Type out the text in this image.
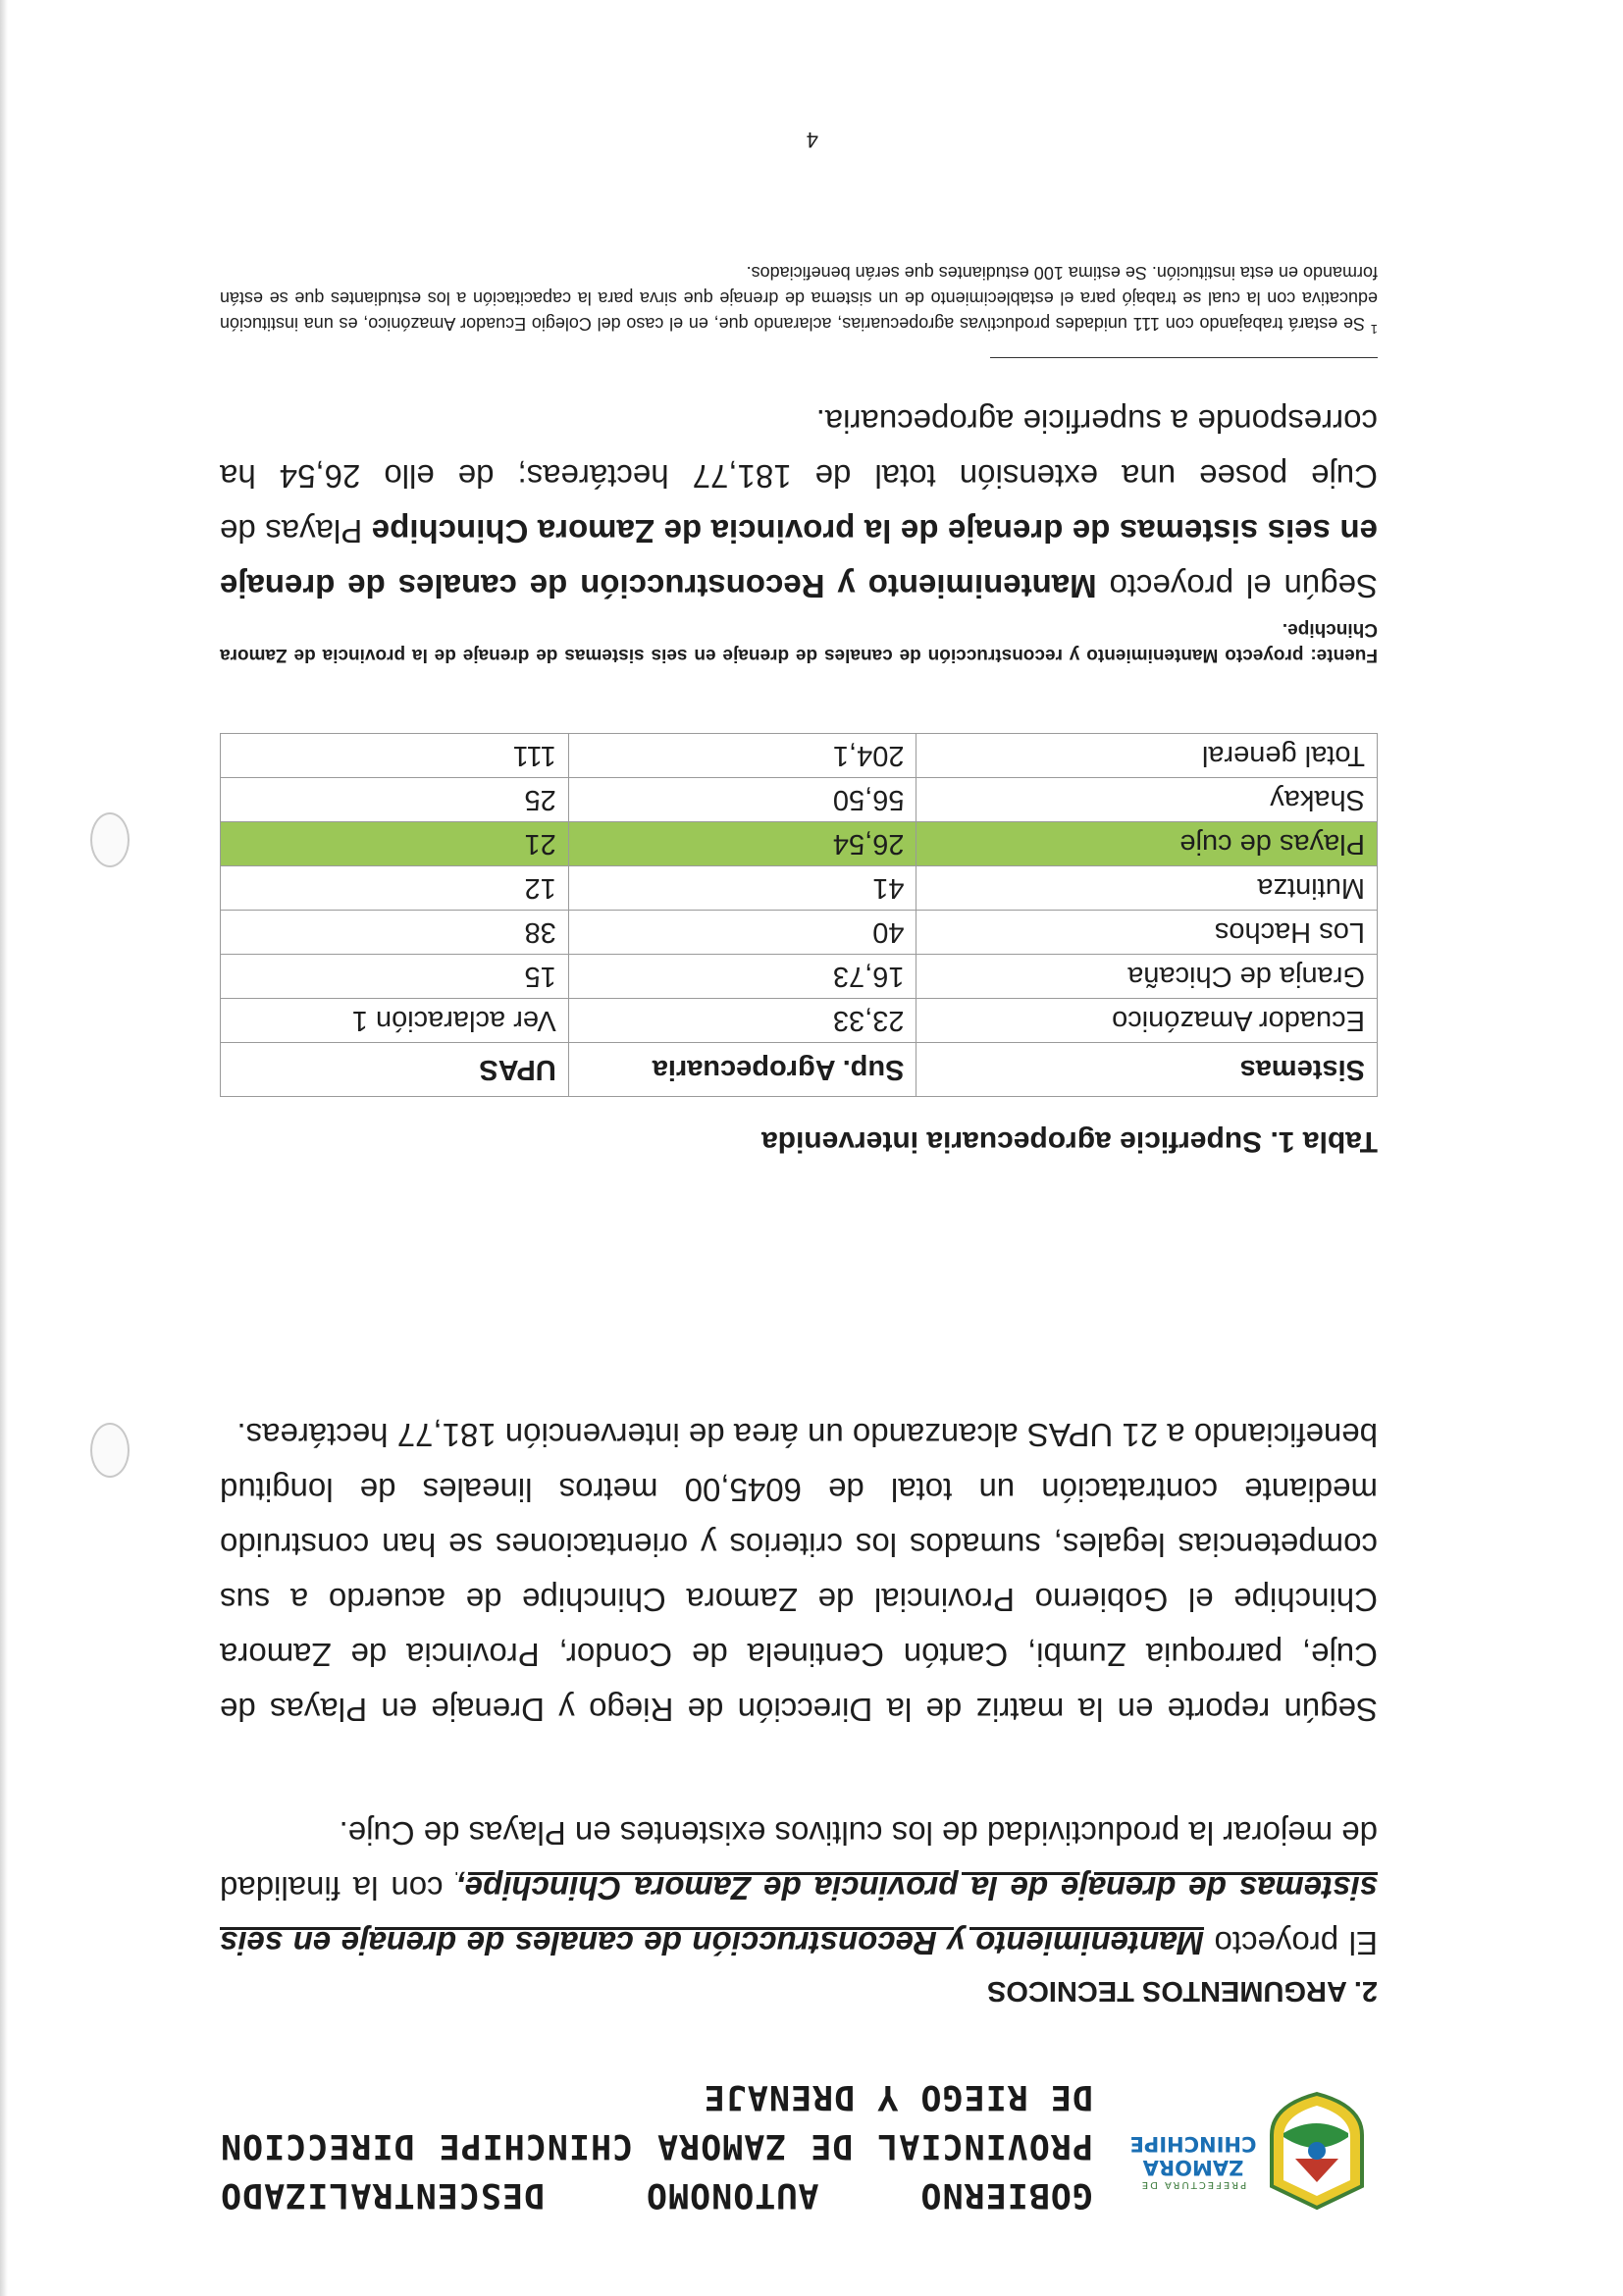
PREFECTURA DE
ZAMORA
CHINCHIPE
GOBIERNO AUTONOMO DESCENTRALIZADO PROVINCIAL DE ZAMORA CHINCHIPE DIRECCION DE RIEGO Y DRENAJE
2. ARGUMENTOS TECNICOS

El proyecto Mantenimiento y Reconstrucción de canales de drenaje en seis sistemas de drenaje de la provincia de Zamora Chinchipe, con la finalidad de mejorar la productividad de los cultivos existentes en Playas de Cuje.

Según reporte en la matriz de la Dirección de Riego y Drenaje en Playas de Cuje, parroquia Zumbi, Cantón Centinela de Condor, Provincia de Zamora Chinchipe el Gobierno Provincial de Zamora Chinchipe de acuerdo a sus competencias legales, sumados los criterios y orientaciones se han construido mediante contratación un total de 6045,00 metros lineales de longitud beneficiando a 21 UPAS alcanzando un área de intervención 181,77 hectáreas.

Tabla 1. Superficie agropecuaria intervenida
Sistemas	Sup. Agropecuaria	UPAS
Ecuador Amazónico	23,33	Ver aclaración 1
Granja de Chicaña	16,73	15
Los Hachos	40	38
Mutintza	41	12
Playas de cuje	26,54	21
Shakay	56,50	25
Total general	204,1	111
Fuente: proyecto Mantenimiento y reconstrucción de canales de drenaje en seis sistemas de drenaje de la provincia de Zamora Chinchipe.

Según el proyecto Mantenimiento y Reconstrucción de canales de drenaje en seis sistemas de drenaje de la provincia de Zamora Chinchipe Playas de Cuje posee una extensión total de 181,77 hectáreas; de ello 26,54 ha corresponde a superficie agropecuaria.

$^1$ Se estará trabajando con 111 unidades productivas agropecuarias, aclarando que, en el caso del Colegio Ecuador Amazónico, es una institución educativa con la cual se trabajó para el establecimiento de un sistema de drenaje que sirva para la capacitación a los estudiantes que se están formando en esta institución. Se estima 100 estudiantes que serán beneficiados.
4
